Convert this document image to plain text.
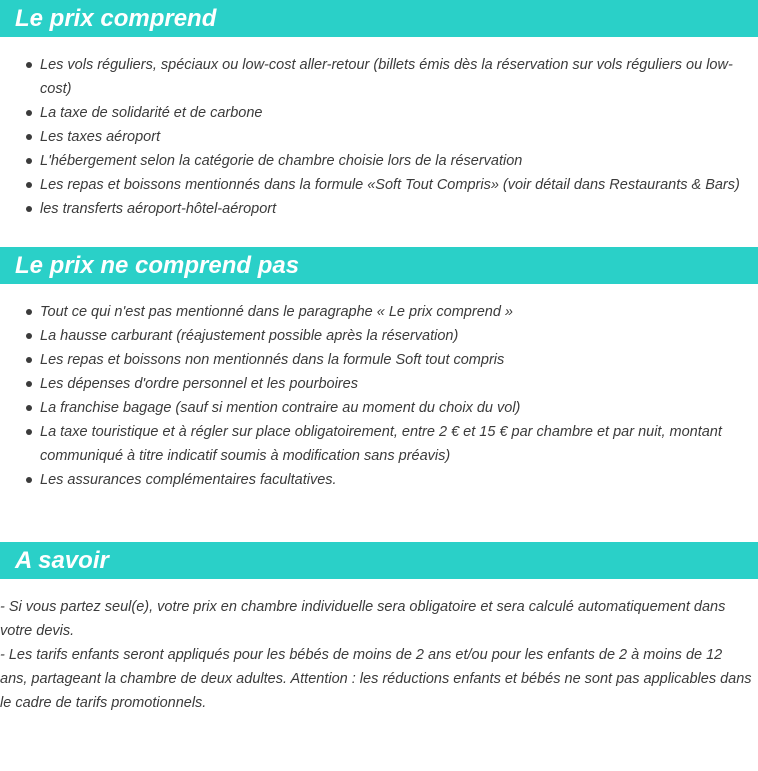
Le prix comprend
Les vols réguliers, spéciaux ou low-cost aller-retour (billets émis dès la réservation sur vols réguliers ou low-cost)
La taxe de solidarité et de carbone
Les taxes aéroport
L'hébergement selon la catégorie de chambre choisie lors de la réservation
Les repas et boissons mentionnés dans la formule «Soft Tout Compris» (voir détail dans Restaurants & Bars)
les transferts aéroport-hôtel-aéroport
Le prix ne comprend pas
Tout ce qui n'est pas mentionné dans le paragraphe « Le prix comprend »
La hausse carburant (réajustement possible après la réservation)
Les repas et boissons non mentionnés dans la formule Soft tout compris
Les dépenses d'ordre personnel et les pourboires
La franchise bagage (sauf si mention contraire au moment du choix du vol)
La taxe touristique et à régler sur place obligatoirement, entre 2 € et 15 € par chambre et par nuit, montant communiqué à titre indicatif soumis à modification sans préavis)
Les assurances complémentaires facultatives.
A savoir

- Si vous partez seul(e), votre prix en chambre individuelle sera obligatoire et sera calculé automatiquement dans votre devis.

- Les tarifs enfants seront appliqués pour les bébés de moins de 2 ans et/ou pour les enfants de 2 à moins de 12 ans, partageant la chambre de deux adultes. Attention : les réductions enfants et bébés ne sont pas applicables dans le cadre de tarifs promotionnels.
